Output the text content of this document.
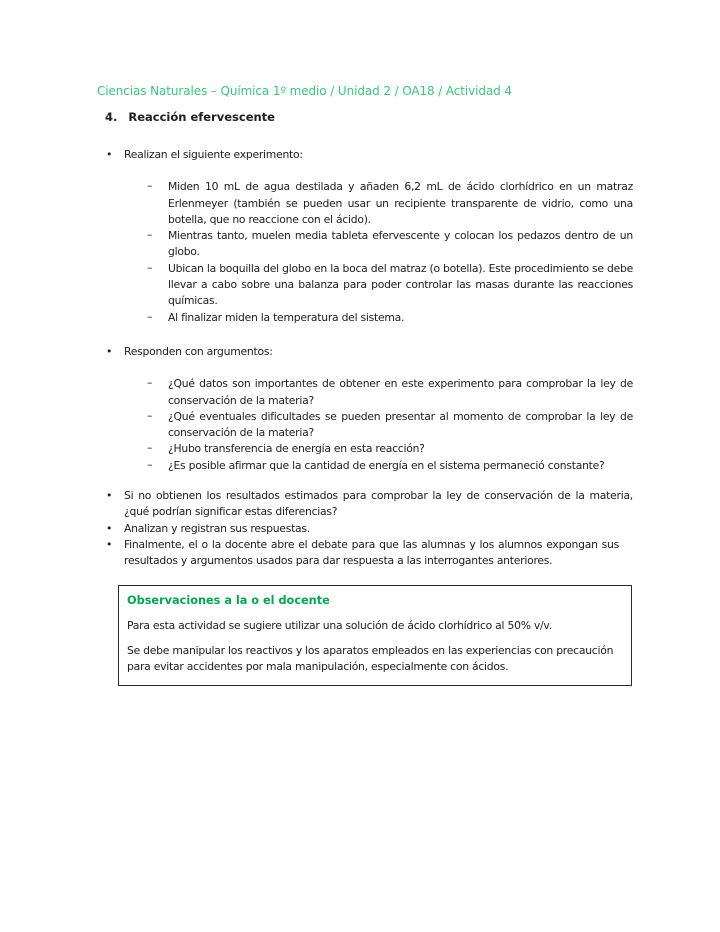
Ciencias Naturales – Química 1º medio / Unidad 2 / OA18 / Actividad 4
4. Reacción efervescente
• Realizan el siguiente experimento:
– Miden 10 mL de agua destilada y añaden 6,2 mL de ácido clorhídrico en un matraz Erlenmeyer (también se pueden usar un recipiente transparente de vidrio, como una botella, que no reaccione con el ácido).
– Mientras tanto, muelen media tableta efervescente y colocan los pedazos dentro de un globo.
– Ubican la boquilla del globo en la boca del matraz (o botella). Este procedimiento se debe llevar a cabo sobre una balanza para poder controlar las masas durante las reacciones químicas.
– Al finalizar miden la temperatura del sistema.
• Responden con argumentos:
– ¿Qué datos son importantes de obtener en este experimento para comprobar la ley de conservación de la materia?
– ¿Qué eventuales dificultades se pueden presentar al momento de comprobar la ley de conservación de la materia?
– ¿Hubo transferencia de energía en esta reacción?
– ¿Es posible afirmar que la cantidad de energía en el sistema permaneció constante?
• Si no obtienen los resultados estimados para comprobar la ley de conservación de la materia, ¿qué podrían significar estas diferencias?
• Analizan y registran sus respuestas.
• Finalmente, el o la docente abre el debate para que las alumnas y los alumnos expongan sus resultados y argumentos usados para dar respuesta a las interrogantes anteriores.
Observaciones a la o el docente

Para esta actividad se sugiere utilizar una solución de ácido clorhídrico al 50% v/v.

Se debe manipular los reactivos y los aparatos empleados en las experiencias con precaución para evitar accidentes por mala manipulación, especialmente con ácidos.
